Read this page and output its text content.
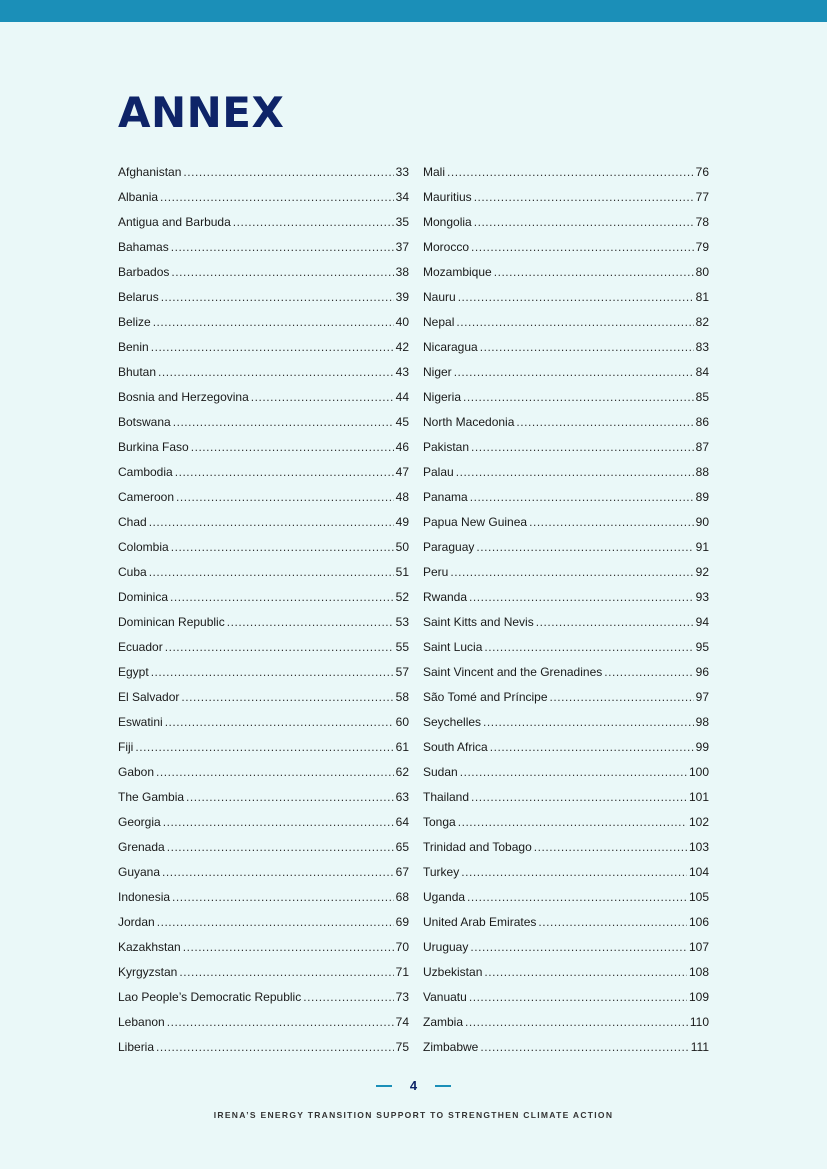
ANNEX
Afghanistan . . .	33
Albania . . .	34
Antigua and Barbuda . . .	35
Bahamas . . .	37
Barbados . . .	38
Belarus . . .	39
Belize . . .	40
Benin . . .	42
Bhutan . . .	43
Bosnia and Herzegovina . . .	44
Botswana . . .	45
Burkina Faso . . .	46
Cambodia . . .	47
Cameroon . . .	48
Chad . . .	49
Colombia . . .	50
Cuba . . .	51
Dominica . . .	52
Dominican Republic . . .	53
Ecuador . . .	55
Egypt . . .	57
El Salvador . . .	58
Eswatini . . .	60
Fiji . . .	61
Gabon . . .	62
The Gambia . . .	63
Georgia . . .	64
Grenada . . .	65
Guyana . . .	67
Indonesia . . .	68
Jordan . . .	69
Kazakhstan . . .	70
Kyrgyzstan . . .	71
Lao People’s Democratic Republic . . .	73
Lebanon . . .	74
Liberia . . .	75
Mali . . .	76
Mauritius . . .	77
Mongolia . . .	78
Morocco . . .	79
Mozambique . . .	80
Nauru . . .	81
Nepal . . .	82
Nicaragua . . .	83
Niger . . .	84
Nigeria . . .	85
North Macedonia . . .	86
Pakistan . . .	87
Palau . . .	88
Panama . . .	89
Papua New Guinea . . .	90
Paraguay . . .	91
Peru . . .	92
Rwanda . . .	93
Saint Kitts and Nevis . . .	94
Saint Lucia . . .	95
Saint Vincent and the Grenadines . . .	96
São Tomé and Príncipe . . .	97
Seychelles . . .	98
South Africa . . .	99
Sudan . . .	100
Thailand . . .	101
Tonga . . .	102
Trinidad and Tobago . . .	103
Turkey . . .	104
Uganda . . .	105
United Arab Emirates . . .	106
Uruguay . . .	107
Uzbekistan . . .	108
Vanuatu . . .	109
Zambia . . .	110
Zimbabwe . . .	111
4
IRENA’S ENERGY TRANSITION SUPPORT TO STRENGTHEN CLIMATE ACTION
